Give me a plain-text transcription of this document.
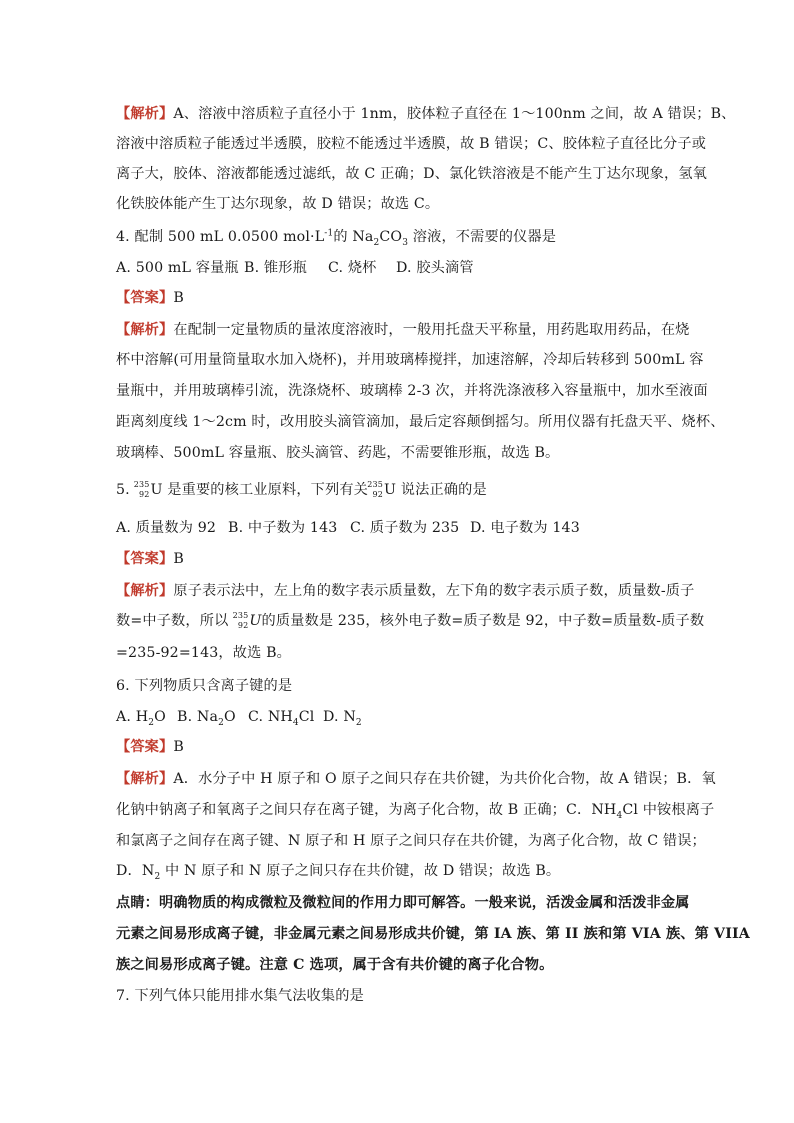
【解析】A、溶液中溶质粒子直径小于 1nm，胶体粒子直径在 1～100nm 之间，故 A 错误；B、
溶液中溶质粒子能透过半透膜，胶粒不能透过半透膜，故 B 错误；C、胶体粒子直径比分子或
离子大，胶体、溶液都能透过滤纸，故 C 正确；D、氯化铁溶液是不能产生丁达尔现象，氢氧
化铁胶体能产生丁达尔现象，故 D 错误；故选 C。
4. 配制 500 mL 0.0500 $mol\cdot L^{-1}$的 $Na_2CO_3$ 溶液，不需要的仪器是
A. 500 mL 容量瓶 B. 锥形瓶 C. 烧杯 D. 胶头滴管
【答案】B
【解析】在配制一定量物质的量浓度溶液时，一般用托盘天平称量，用药匙取用药品，在烧
杯中溶解(可用量筒量取水加入烧杯)，并用玻璃棒搅拌，加速溶解，冷却后转移到 500mL 容
量瓶中，并用玻璃棒引流，洗涤烧杯、玻璃棒 2-3 次，并将洗涤液移入容量瓶中，加水至液面
距离刻度线 1～2cm 时，改用胶头滴管滴加，最后定容颠倒摇匀。所用仪器有托盘天平、烧杯、
玻璃棒、500mL 容量瓶、胶头滴管、药匙，不需要锥形瓶，故选 B。
5. 235
92 U 是重要的核工业原料，下列有关 235
92 U 说法正确的是
A. 质量数为 92 B. 中子数为 143 C. 质子数为 235 D. 电子数为 143
【答案】B
【解析】原子表示法中，左上角的数字表示质量数，左下角的数字表示质子数，质量数-质子
数=中子数，所以 235
92 U的质量数是 235，核外电子数=质子数是 92，中子数=质量数-质子数
=235-92=143，故选 B。
6. 下列物质只含离子键的是
A. $H_2O$ B. $Na_2O$ C. $NH_4Cl$ D. $N_2$
【答案】B
【解析】A．水分子中 H 原子和 O 原子之间只存在共价键，为共价化合物，故 A 错误；B．氧
化钠中钠离子和氧离子之间只存在离子键，为离子化合物，故 B 正确；C．$NH_4Cl$ 中铵根离子
和氯离子之间存在离子键、N 原子和 H 原子之间只存在共价键，为离子化合物，故 C 错误；
D．$N_2$ 中 N 原子和 N 原子之间只存在共价键，故 D 错误；故选 B。
点睛：明确物质的构成微粒及微粒间的作用力即可解答。一般来说，活泼金属和活泼非金属
元素之间易形成离子键，非金属元素之间易形成共价键，第 IA 族、第 II 族和第 VIA 族、第 VIIA
族之间易形成离子键。注意 C 选项，属于含有共价键的离子化合物。
7. 下列气体只能用排水集气法收集的是
